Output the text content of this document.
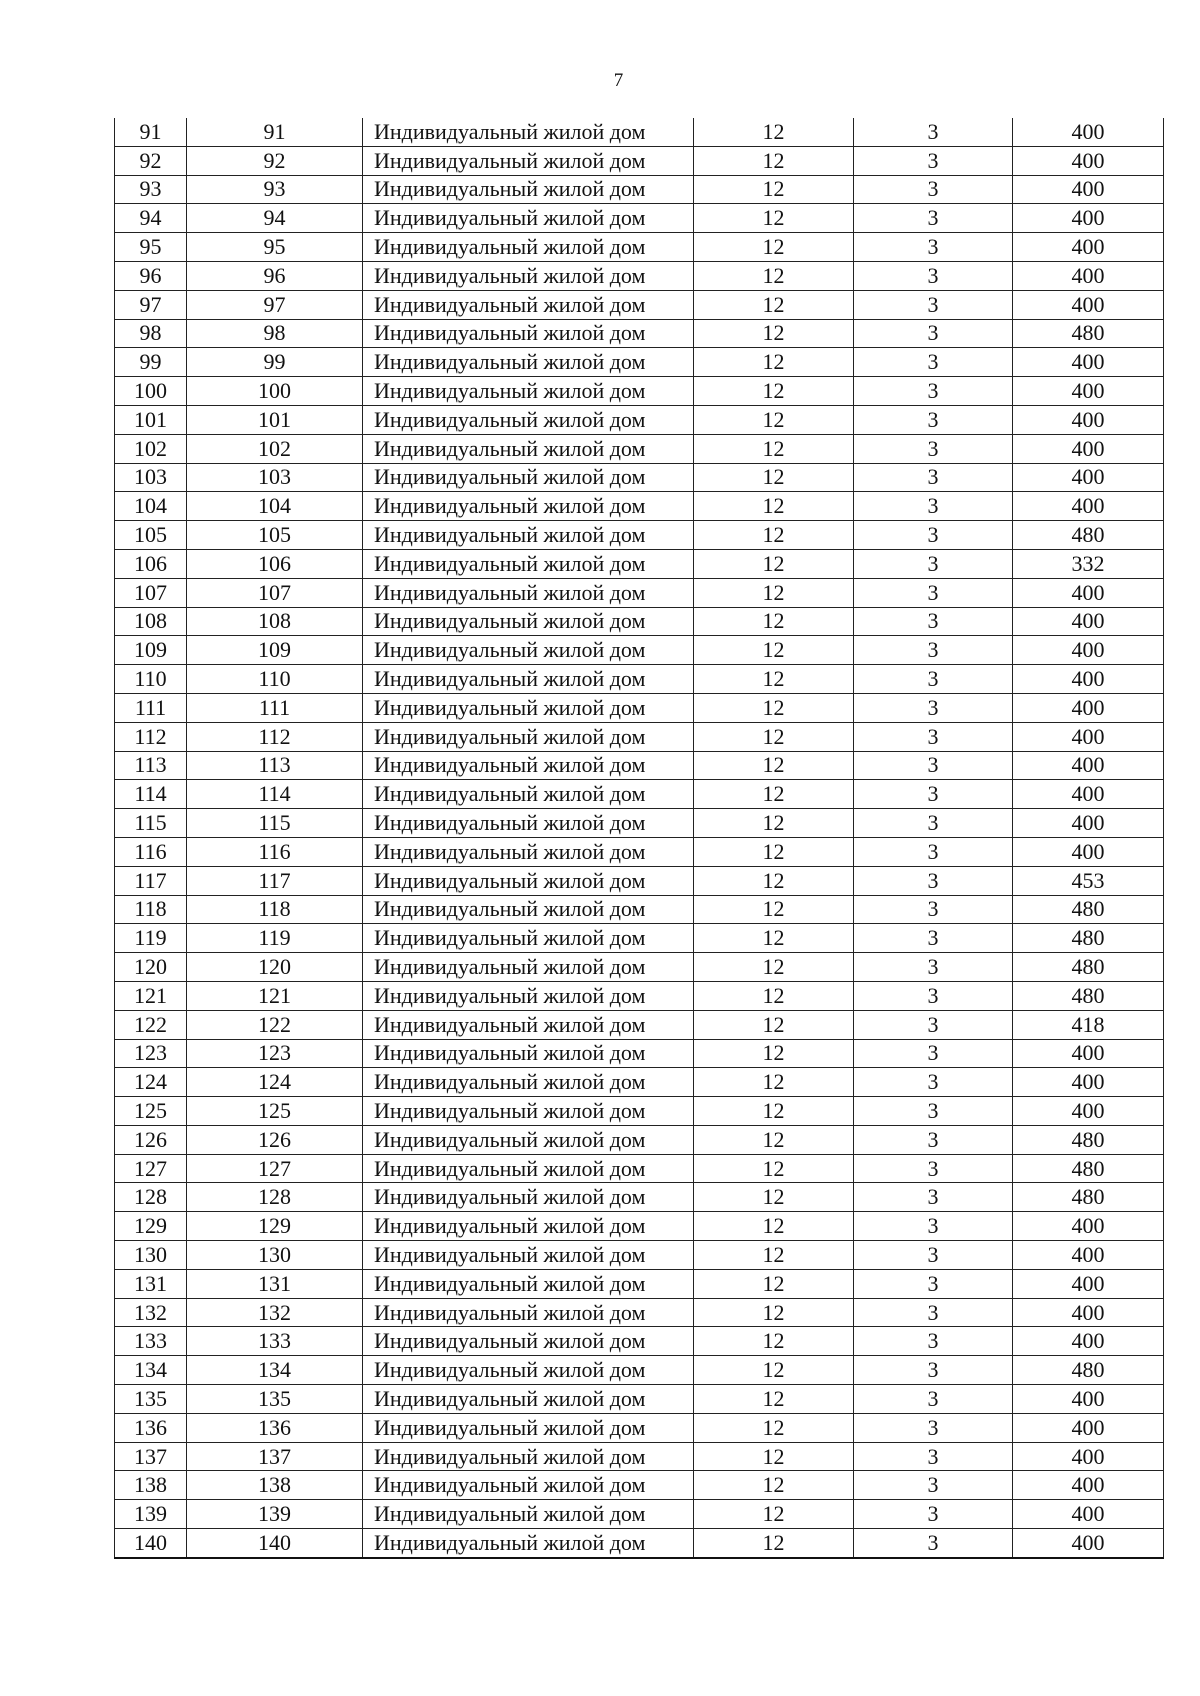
7
91	91	Индивидуальный жилой дом	12	3	400
92	92	Индивидуальный жилой дом	12	3	400
93	93	Индивидуальный жилой дом	12	3	400
94	94	Индивидуальный жилой дом	12	3	400
95	95	Индивидуальный жилой дом	12	3	400
96	96	Индивидуальный жилой дом	12	3	400
97	97	Индивидуальный жилой дом	12	3	400
98	98	Индивидуальный жилой дом	12	3	480
99	99	Индивидуальный жилой дом	12	3	400
100	100	Индивидуальный жилой дом	12	3	400
101	101	Индивидуальный жилой дом	12	3	400
102	102	Индивидуальный жилой дом	12	3	400
103	103	Индивидуальный жилой дом	12	3	400
104	104	Индивидуальный жилой дом	12	3	400
105	105	Индивидуальный жилой дом	12	3	480
106	106	Индивидуальный жилой дом	12	3	332
107	107	Индивидуальный жилой дом	12	3	400
108	108	Индивидуальный жилой дом	12	3	400
109	109	Индивидуальный жилой дом	12	3	400
110	110	Индивидуальный жилой дом	12	3	400
111	111	Индивидуальный жилой дом	12	3	400
112	112	Индивидуальный жилой дом	12	3	400
113	113	Индивидуальный жилой дом	12	3	400
114	114	Индивидуальный жилой дом	12	3	400
115	115	Индивидуальный жилой дом	12	3	400
116	116	Индивидуальный жилой дом	12	3	400
117	117	Индивидуальный жилой дом	12	3	453
118	118	Индивидуальный жилой дом	12	3	480
119	119	Индивидуальный жилой дом	12	3	480
120	120	Индивидуальный жилой дом	12	3	480
121	121	Индивидуальный жилой дом	12	3	480
122	122	Индивидуальный жилой дом	12	3	418
123	123	Индивидуальный жилой дом	12	3	400
124	124	Индивидуальный жилой дом	12	3	400
125	125	Индивидуальный жилой дом	12	3	400
126	126	Индивидуальный жилой дом	12	3	480
127	127	Индивидуальный жилой дом	12	3	480
128	128	Индивидуальный жилой дом	12	3	480
129	129	Индивидуальный жилой дом	12	3	400
130	130	Индивидуальный жилой дом	12	3	400
131	131	Индивидуальный жилой дом	12	3	400
132	132	Индивидуальный жилой дом	12	3	400
133	133	Индивидуальный жилой дом	12	3	400
134	134	Индивидуальный жилой дом	12	3	480
135	135	Индивидуальный жилой дом	12	3	400
136	136	Индивидуальный жилой дом	12	3	400
137	137	Индивидуальный жилой дом	12	3	400
138	138	Индивидуальный жилой дом	12	3	400
139	139	Индивидуальный жилой дом	12	3	400
140	140	Индивидуальный жилой дом	12	3	400
